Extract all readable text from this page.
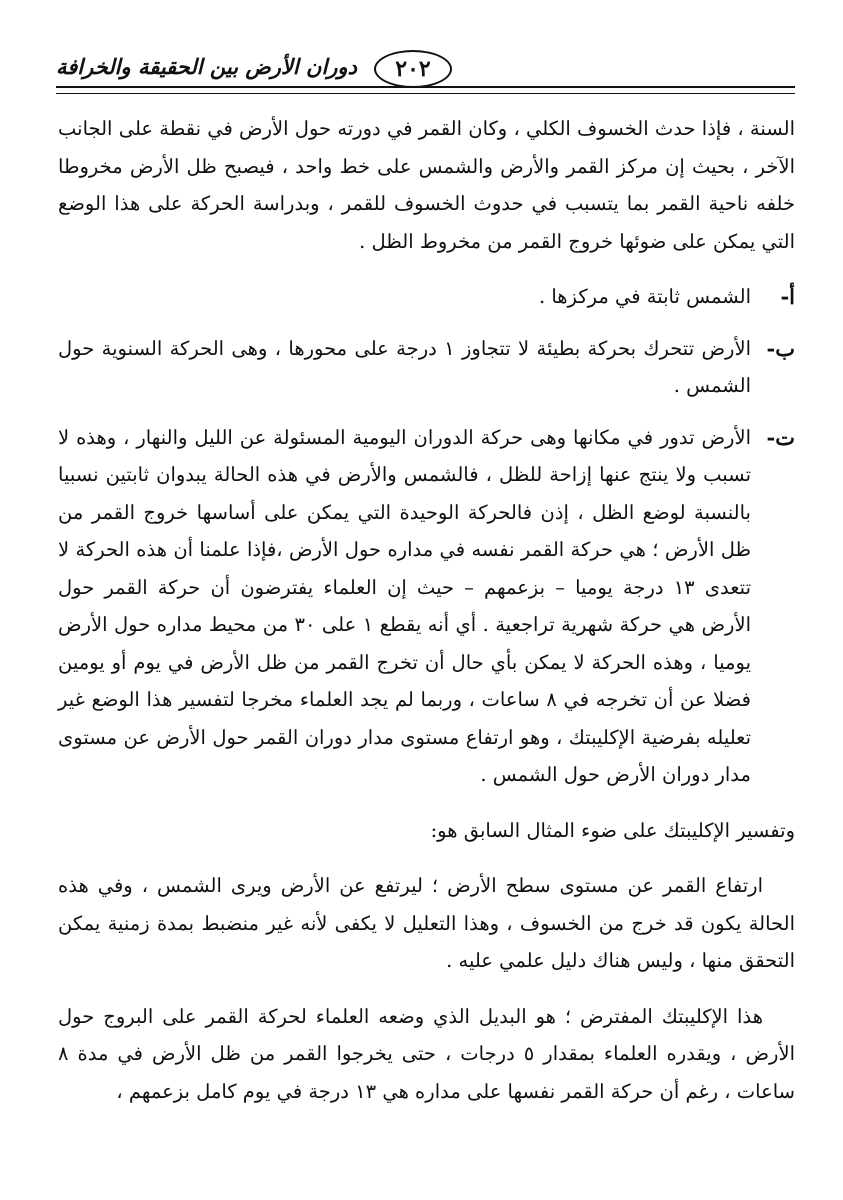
٢٠٢
دوران الأرض بين الحقيقة والخرافة

السنة ، فإذا حدث الخسوف الكلي ، وكان القمر في دورته حول الأرض في نقطة على الجانب الآخر ، بحيث إن مركز القمر والأرض والشمس على خط واحد ، فيصبح ظل الأرض مخروطا خلفه ناحية القمر بما يتسبب في حدوث الخسوف للقمر ، وبدراسة الحركة على هذا الوضع التي يمكن على ضوئها خروج القمر من مخروط الظل .

أ-
الشمس ثابتة في مركزها .
ب-
الأرض تتحرك بحركة بطيئة لا تتجاوز ١ درجة على محورها ، وهى الحركة السنوية حول الشمس .
ت-
الأرض تدور في مكانها وهى حركة الدوران اليومية المسئولة عن الليل والنهار ، وهذه لا تسبب ولا ينتج عنها إزاحة للظل ، فالشمس والأرض في هذه الحالة يبدوان ثابتين نسبيا بالنسبة لوضع الظل ، إذن فالحركة الوحيدة التي يمكن على أساسها خروج القمر من ظل الأرض ؛ هي حركة القمر نفسه في مداره حول الأرض ،فإذا علمنا أن هذه الحركة لا تتعدى ١٣ درجة يوميا – بزعمهم – حيث إن العلماء يفترضون أن حركة القمر حول الأرض هي حركة شهرية تراجعية . أي أنه يقطع ١ على ٣٠ من محيط مداره حول الأرض يوميا ، وهذه الحركة لا يمكن بأي حال أن تخرج القمر من ظل الأرض في يوم أو يومين فضلا عن أن تخرجه في ٨ ساعات ، وربما لم يجد العلماء مخرجا لتفسير هذا الوضع غير تعليله بفرضية الإكليبتك ، وهو ارتفاع مستوى مدار دوران القمر حول الأرض عن مستوى مدار دوران الأرض حول الشمس .

وتفسير الإكليبتك على ضوء المثال السابق هو:

ارتفاع القمر عن مستوى سطح الأرض ؛ ليرتفع عن الأرض ويرى الشمس ، وفي هذه الحالة يكون قد خرج من الخسوف ، وهذا التعليل لا يكفى لأنه غير منضبط بمدة زمنية يمكن التحقق منها ، وليس هناك دليل علمي عليه .

هذا الإكليبتك المفترض ؛ هو البديل الذي وضعه العلماء لحركة القمر على البروج حول الأرض ، ويقدره العلماء بمقدار ٥ درجات ، حتى يخرجوا القمر من ظل الأرض في مدة ٨ ساعات ، رغم أن حركة القمر نفسها على مداره هي ١٣ درجة في يوم كامل بزعمهم ،
